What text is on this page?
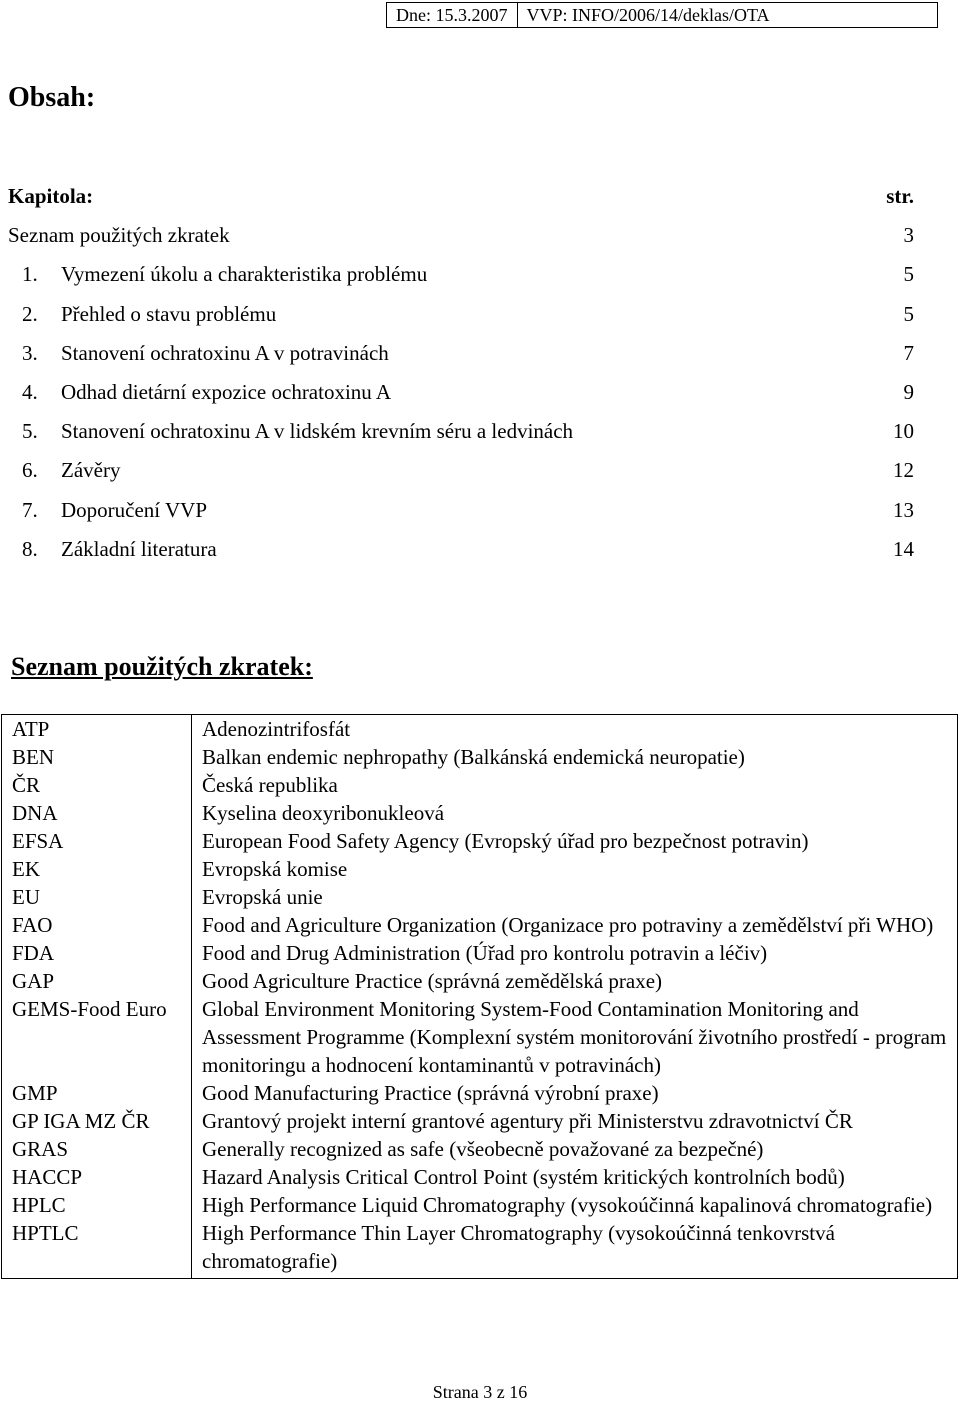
Dne: 15.3.2007	VVP: INFO/2006/14/deklas/OTA
Obsah:
Kapitola:	str.
Seznam použitých zkratek	3
1. Vymezení úkolu a charakteristika problému	5
2. Přehled o stavu problému	5
3. Stanovení ochratoxinu A v potravinách	7
4. Odhad dietární expozice ochratoxinu A	9
5. Stanovení ochratoxinu A v lidském krevním séru a ledvinách	10
6. Závěry	12
7. Doporučení VVP	13
8. Základní literatura	14
Seznam použitých zkratek:
ATP	Adenozintrifosfát
BEN	Balkan endemic nephropathy (Balkánská endemická neuropatie)
ČR	Česká republika
DNA	Kyselina deoxyribonukleová
EFSA	European Food Safety Agency (Evropský úřad pro bezpečnost potravin)
EK	Evropská komise
EU	Evropská unie
FAO	Food and Agriculture Organization (Organizace pro potraviny a zemědělství při WHO)
FDA	Food and Drug Administration (Úřad pro kontrolu potravin a léčiv)
GAP	Good Agriculture Practice (správná zemědělská praxe)
GEMS-Food Euro	Global Environment Monitoring System-Food Contamination Monitoring and Assessment Programme (Komplexní systém monitorování životního prostředí - program monitoringu a hodnocení kontaminantů v potravinách)
GMP	Good Manufacturing Practice (správná výrobní praxe)
GP IGA MZ ČR	Grantový projekt interní grantové agentury při Ministerstvu zdravotnictví ČR
GRAS	Generally recognized as safe (všeobecně považované za bezpečné)
HACCP	Hazard Analysis Critical Control Point (systém kritických kontrolních bodů)
HPLC	High Performance Liquid Chromatography (vysokoúčinná kapalinová chromatografie)
HPTLC	High Performance Thin Layer Chromatography (vysokoúčinná tenkovrstvá chromatografie)
Strana 3 z 16
